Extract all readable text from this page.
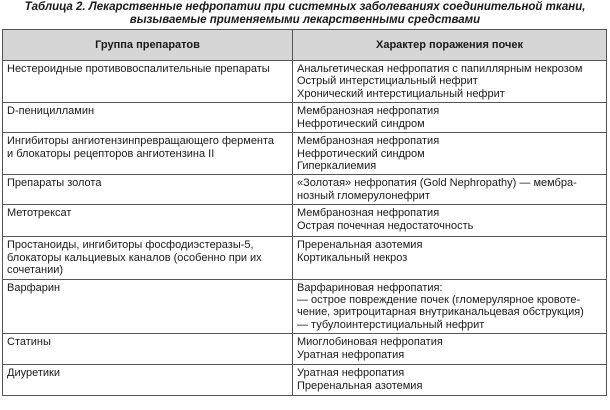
Таблица 2. Лекарственные нефропатии при системных заболеваниях соединительной ткани,
вызываемые применяемыми лекарственными средствами
Группа препаратов	Характер поражения почек

Нестероидные противовоспалительные препараты	Анальгетическая нефропатия с папиллярным некрозом
Острый интерстициальный нефрит
Хронический интерстициальный нефрит

D-пеницилламин	Мембранозная нефропатия
Нефротический синдром

Ингибиторы ангиотензинпревращающего фермента
и блокаторы рецепторов ангиотензина II	Мембранозная нефропатия
Нефротический синдром
Гиперкалиемия

Препараты золота	«Золотая» нефропатия (Gold Nephropathy) — мембра-
нозный гломерулонефрит

Метотрексат	Мембранозная нефропатия
Острая почечная недостаточность

Простаноиды, ингибиторы фосфодиэстеразы-5,
блокаторы кальциевых каналов (особенно при их
сочетании)	Преренальная азотемия
Кортикальный некроз

Варфарин	Варфариновая нефропатия:
— острое повреждение почек (гломерулярное кровоте-
чение, эритроцитарная внутриканальцевая обструкция)
— тубулоинтерстициальный нефрит

Статины	Миоглобиновая нефропатия
Уратная нефропатия

Диуретики	Уратная нефропатия
Преренальная азотемия
